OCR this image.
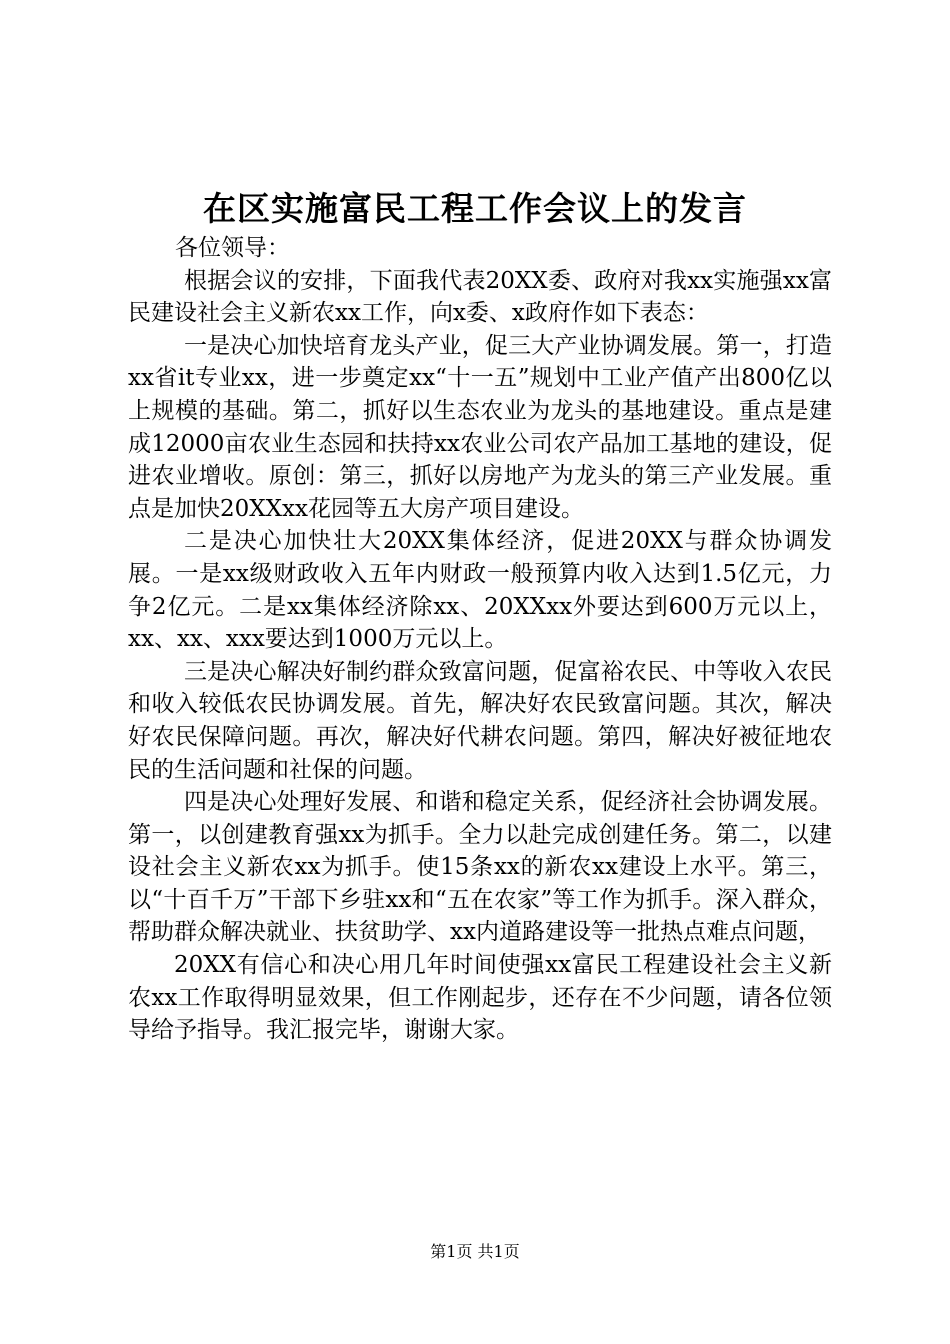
在区实施富民工程工作会议上的发言

各位领导：

根据会议的安排，下面我代表20XX委、政府对我xx实施强xx富民建设社会主义新农xx工作，向x委、x政府作如下表态：

一是决心加快培育龙头产业，促三大产业协调发展。第一，打造xx省it专业xx，进一步奠定xx“十一五”规划中工业产值产出800亿以上规模的基础。第二，抓好以生态农业为龙头的基地建设。重点是建成12000亩农业生态园和扶持xx农业公司农产品加工基地的建设，促进农业增收。原创：第三，抓好以房地产为龙头的第三产业发展。重点是加快20XXxx花园等五大房产项目建设。

二是决心加快壮大20XX集体经济，促进20XX与群众协调发展。一是xx级财政收入五年内财政一般预算内收入达到1.5亿元，力争2亿元。二是xx集体经济除xx、20XXxx外要达到600万元以上，xx、xx、xxx要达到1000万元以上。

三是决心解决好制约群众致富问题，促富裕农民、中等收入农民和收入较低农民协调发展。首先，解决好农民致富问题。其次，解决好农民保障问题。再次，解决好代耕农问题。第四，解决好被征地农民的生活问题和社保的问题。

四是决心处理好发展、和谐和稳定关系，促经济社会协调发展。第一，以创建教育强xx为抓手。全力以赴完成创建任务。第二，以建设社会主义新农xx为抓手。使15条xx的新农xx建设上水平。第三，以“十百千万”干部下乡驻xx和“五在农家”等工作为抓手。深入群众，帮助群众解决就业、扶贫助学、xx内道路建设等一批热点难点问题，

20XX有信心和决心用几年时间使强xx富民工程建设社会主义新农xx工作取得明显效果，但工作刚起步，还存在不少问题，请各位领导给予指导。我汇报完毕，谢谢大家。

第1页 共1页
